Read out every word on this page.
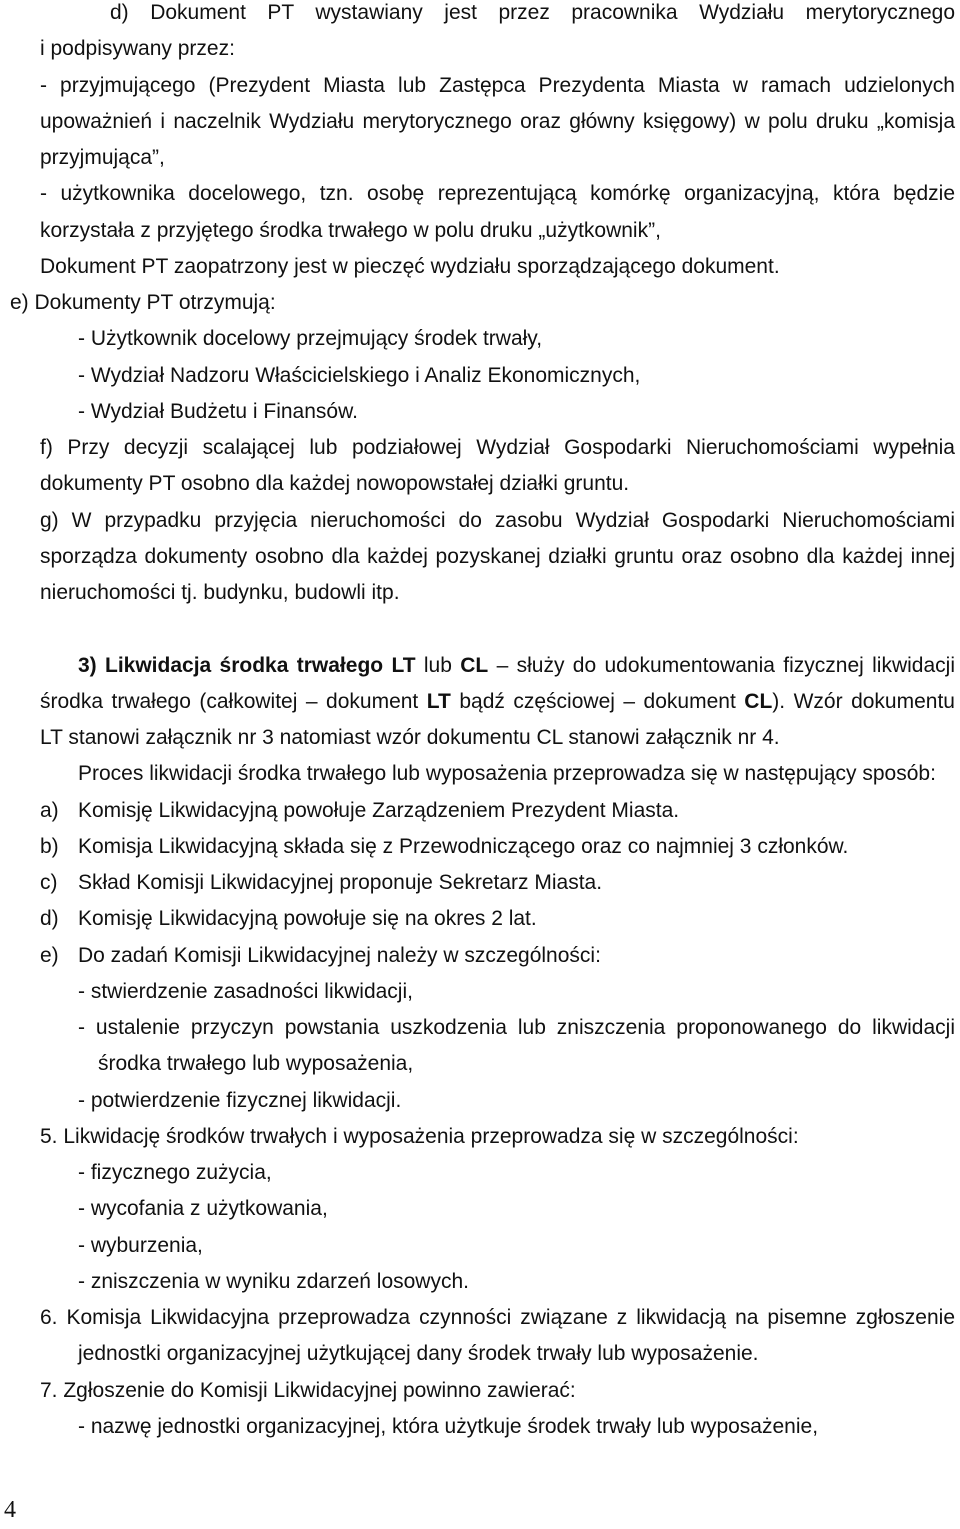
d) Dokument PT wystawiany jest przez pracownika Wydziału merytorycznego
i podpisywany przez:
- przyjmującego (Prezydent Miasta lub Zastępca Prezydenta Miasta w ramach udzielonych
upoważnień i naczelnik Wydziału merytorycznego oraz główny księgowy) w polu druku „komisja
przyjmująca”,
- użytkownika docelowego, tzn. osobę reprezentującą komórkę organizacyjną, która będzie
korzystała z przyjętego środka trwałego w polu druku „użytkownik”,
Dokument PT zaopatrzony jest w pieczęć wydziału sporządzającego dokument.
e) Dokumenty PT otrzymują:
- Użytkownik docelowy przejmujący środek trwały,
- Wydział Nadzoru Właścicielskiego i Analiz Ekonomicznych,
- Wydział Budżetu i Finansów.
f) Przy decyzji scalającej lub podziałowej Wydział Gospodarki Nieruchomościami wypełnia
dokumenty PT osobno dla każdej nowopowstałej działki gruntu.
g) W przypadku przyjęcia nieruchomości do zasobu Wydział Gospodarki Nieruchomościami
sporządza dokumenty osobno dla każdej pozyskanej działki gruntu oraz osobno dla każdej innej
nieruchomości tj. budynku, budowli itp.
3) Likwidacja środka trwałego LT lub CL – służy do udokumentowania fizycznej likwidacji
środka trwałego (całkowitej – dokument LT bądź częściowej – dokument CL). Wzór dokumentu
LT stanowi załącznik nr 3 natomiast wzór dokumentu CL stanowi załącznik nr 4.
Proces likwidacji środka trwałego lub wyposażenia przeprowadza się w następujący sposób:
a) Komisję Likwidacyjną powołuje Zarządzeniem Prezydent Miasta.
b) Komisja Likwidacyjną składa się z Przewodniczącego oraz co najmniej 3 członków.
c) Skład Komisji Likwidacyjnej proponuje Sekretarz Miasta.
d) Komisję Likwidacyjną powołuje się na okres 2 lat.
e) Do zadań Komisji Likwidacyjnej należy w szczególności:
- stwierdzenie zasadności likwidacji,
- ustalenie przyczyn powstania uszkodzenia lub zniszczenia proponowanego do likwidacji
środka trwałego lub wyposażenia,
- potwierdzenie fizycznej likwidacji.
5. Likwidację środków trwałych i wyposażenia przeprowadza się w szczególności:
- fizycznego zużycia,
- wycofania z użytkowania,
- wyburzenia,
- zniszczenia w wyniku zdarzeń losowych.
6. Komisja Likwidacyjna przeprowadza czynności związane z likwidacją na pisemne zgłoszenie
jednostki organizacyjnej użytkującej dany środek trwały lub wyposażenie.
7. Zgłoszenie do Komisji Likwidacyjnej powinno zawierać:
- nazwę jednostki organizacyjnej, która użytkuje środek trwały lub wyposażenie,
4
